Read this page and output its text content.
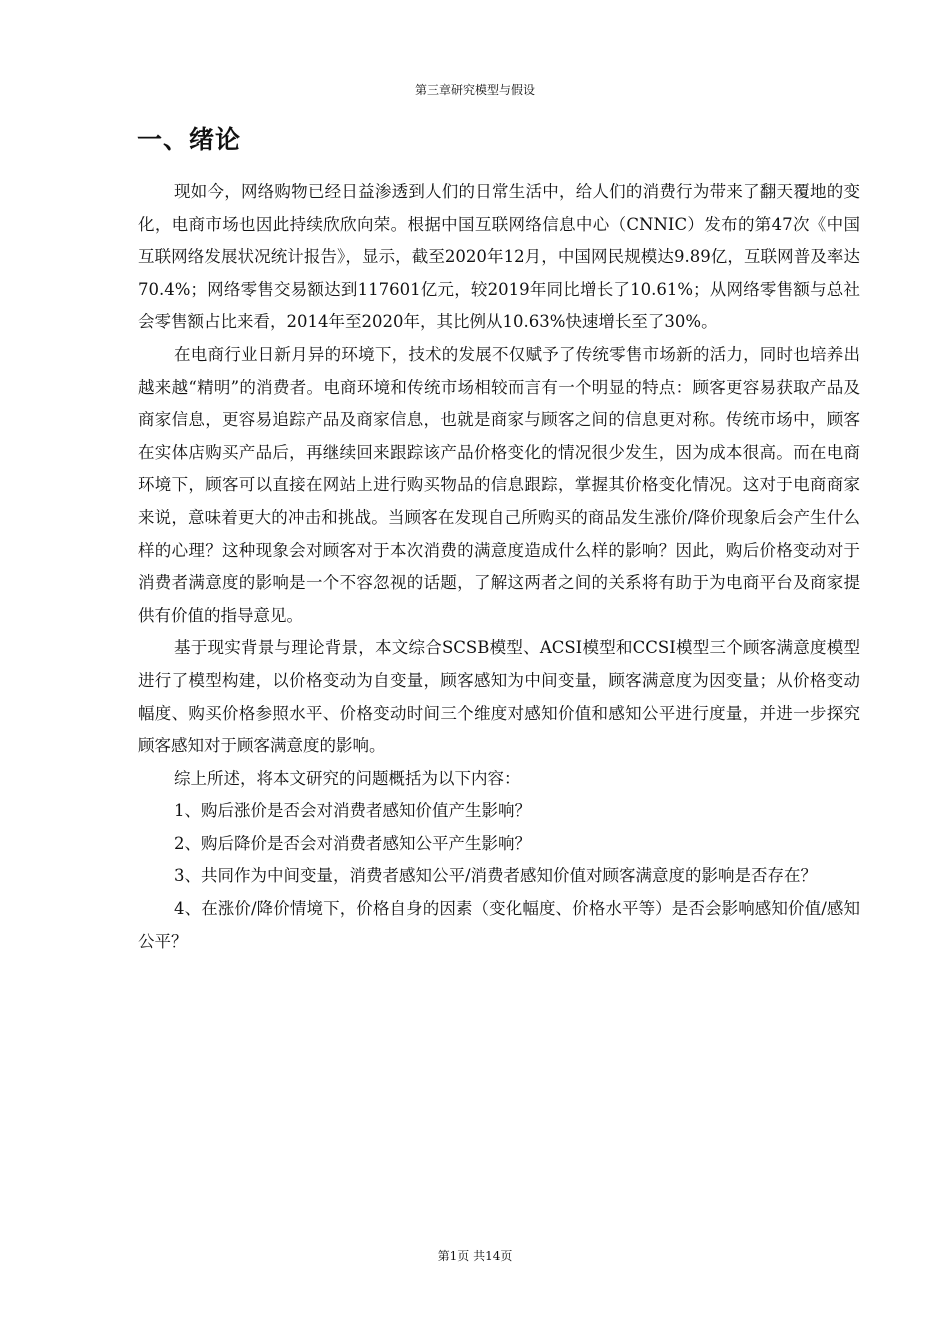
第三章研究模型与假设
一、绪论

现如今，网络购物已经日益渗透到人们的日常生活中，给人们的消费行为带来了翻天覆地的变化，电商市场也因此持续欣欣向荣。根据中国互联网络信息中心（CNNIC）发布的第47次《中国互联网络发展状况统计报告》，显示，截至2020年12月，中国网民规模达9.89亿，互联网普及率达70.4%；网络零售交易额达到117601亿元，较2019年同比增长了10.61%；从网络零售额与总社会零售额占比来看，2014年至2020年，其比例从10.63%快速增长至了30%。

在电商行业日新月异的环境下，技术的发展不仅赋予了传统零售市场新的活力，同时也培养出越来越“精明”的消费者。电商环境和传统市场相较而言有一个明显的特点：顾客更容易获取产品及商家信息，更容易追踪产品及商家信息，也就是商家与顾客之间的信息更对称。传统市场中，顾客在实体店购买产品后，再继续回来跟踪该产品价格变化的情况很少发生，因为成本很高。而在电商环境下，顾客可以直接在网站上进行购买物品的信息跟踪，掌握其价格变化情况。这对于电商商家来说，意味着更大的冲击和挑战。当顾客在发现自己所购买的商品发生涨价/降价现象后会产生什么样的心理？这种现象会对顾客对于本次消费的满意度造成什么样的影响？因此，购后价格变动对于消费者满意度的影响是一个不容忽视的话题，了解这两者之间的关系将有助于为电商平台及商家提供有价值的指导意见。

基于现实背景与理论背景，本文综合SCSB模型、ACSI模型和CCSI模型三个顾客满意度模型进行了模型构建，以价格变动为自变量，顾客感知为中间变量，顾客满意度为因变量；从价格变动幅度、购买价格参照水平、价格变动时间三个维度对感知价值和感知公平进行度量，并进一步探究顾客感知对于顾客满意度的影响。

综上所述，将本文研究的问题概括为以下内容：

1、购后涨价是否会对消费者感知价值产生影响？

2、购后降价是否会对消费者感知公平产生影响？

3、共同作为中间变量，消费者感知公平/消费者感知价值对顾客满意度的影响是否存在？

4、在涨价/降价情境下，价格自身的因素（变化幅度、价格水平等）是否会影响感知价值/感知公平？

第1页 共14页
